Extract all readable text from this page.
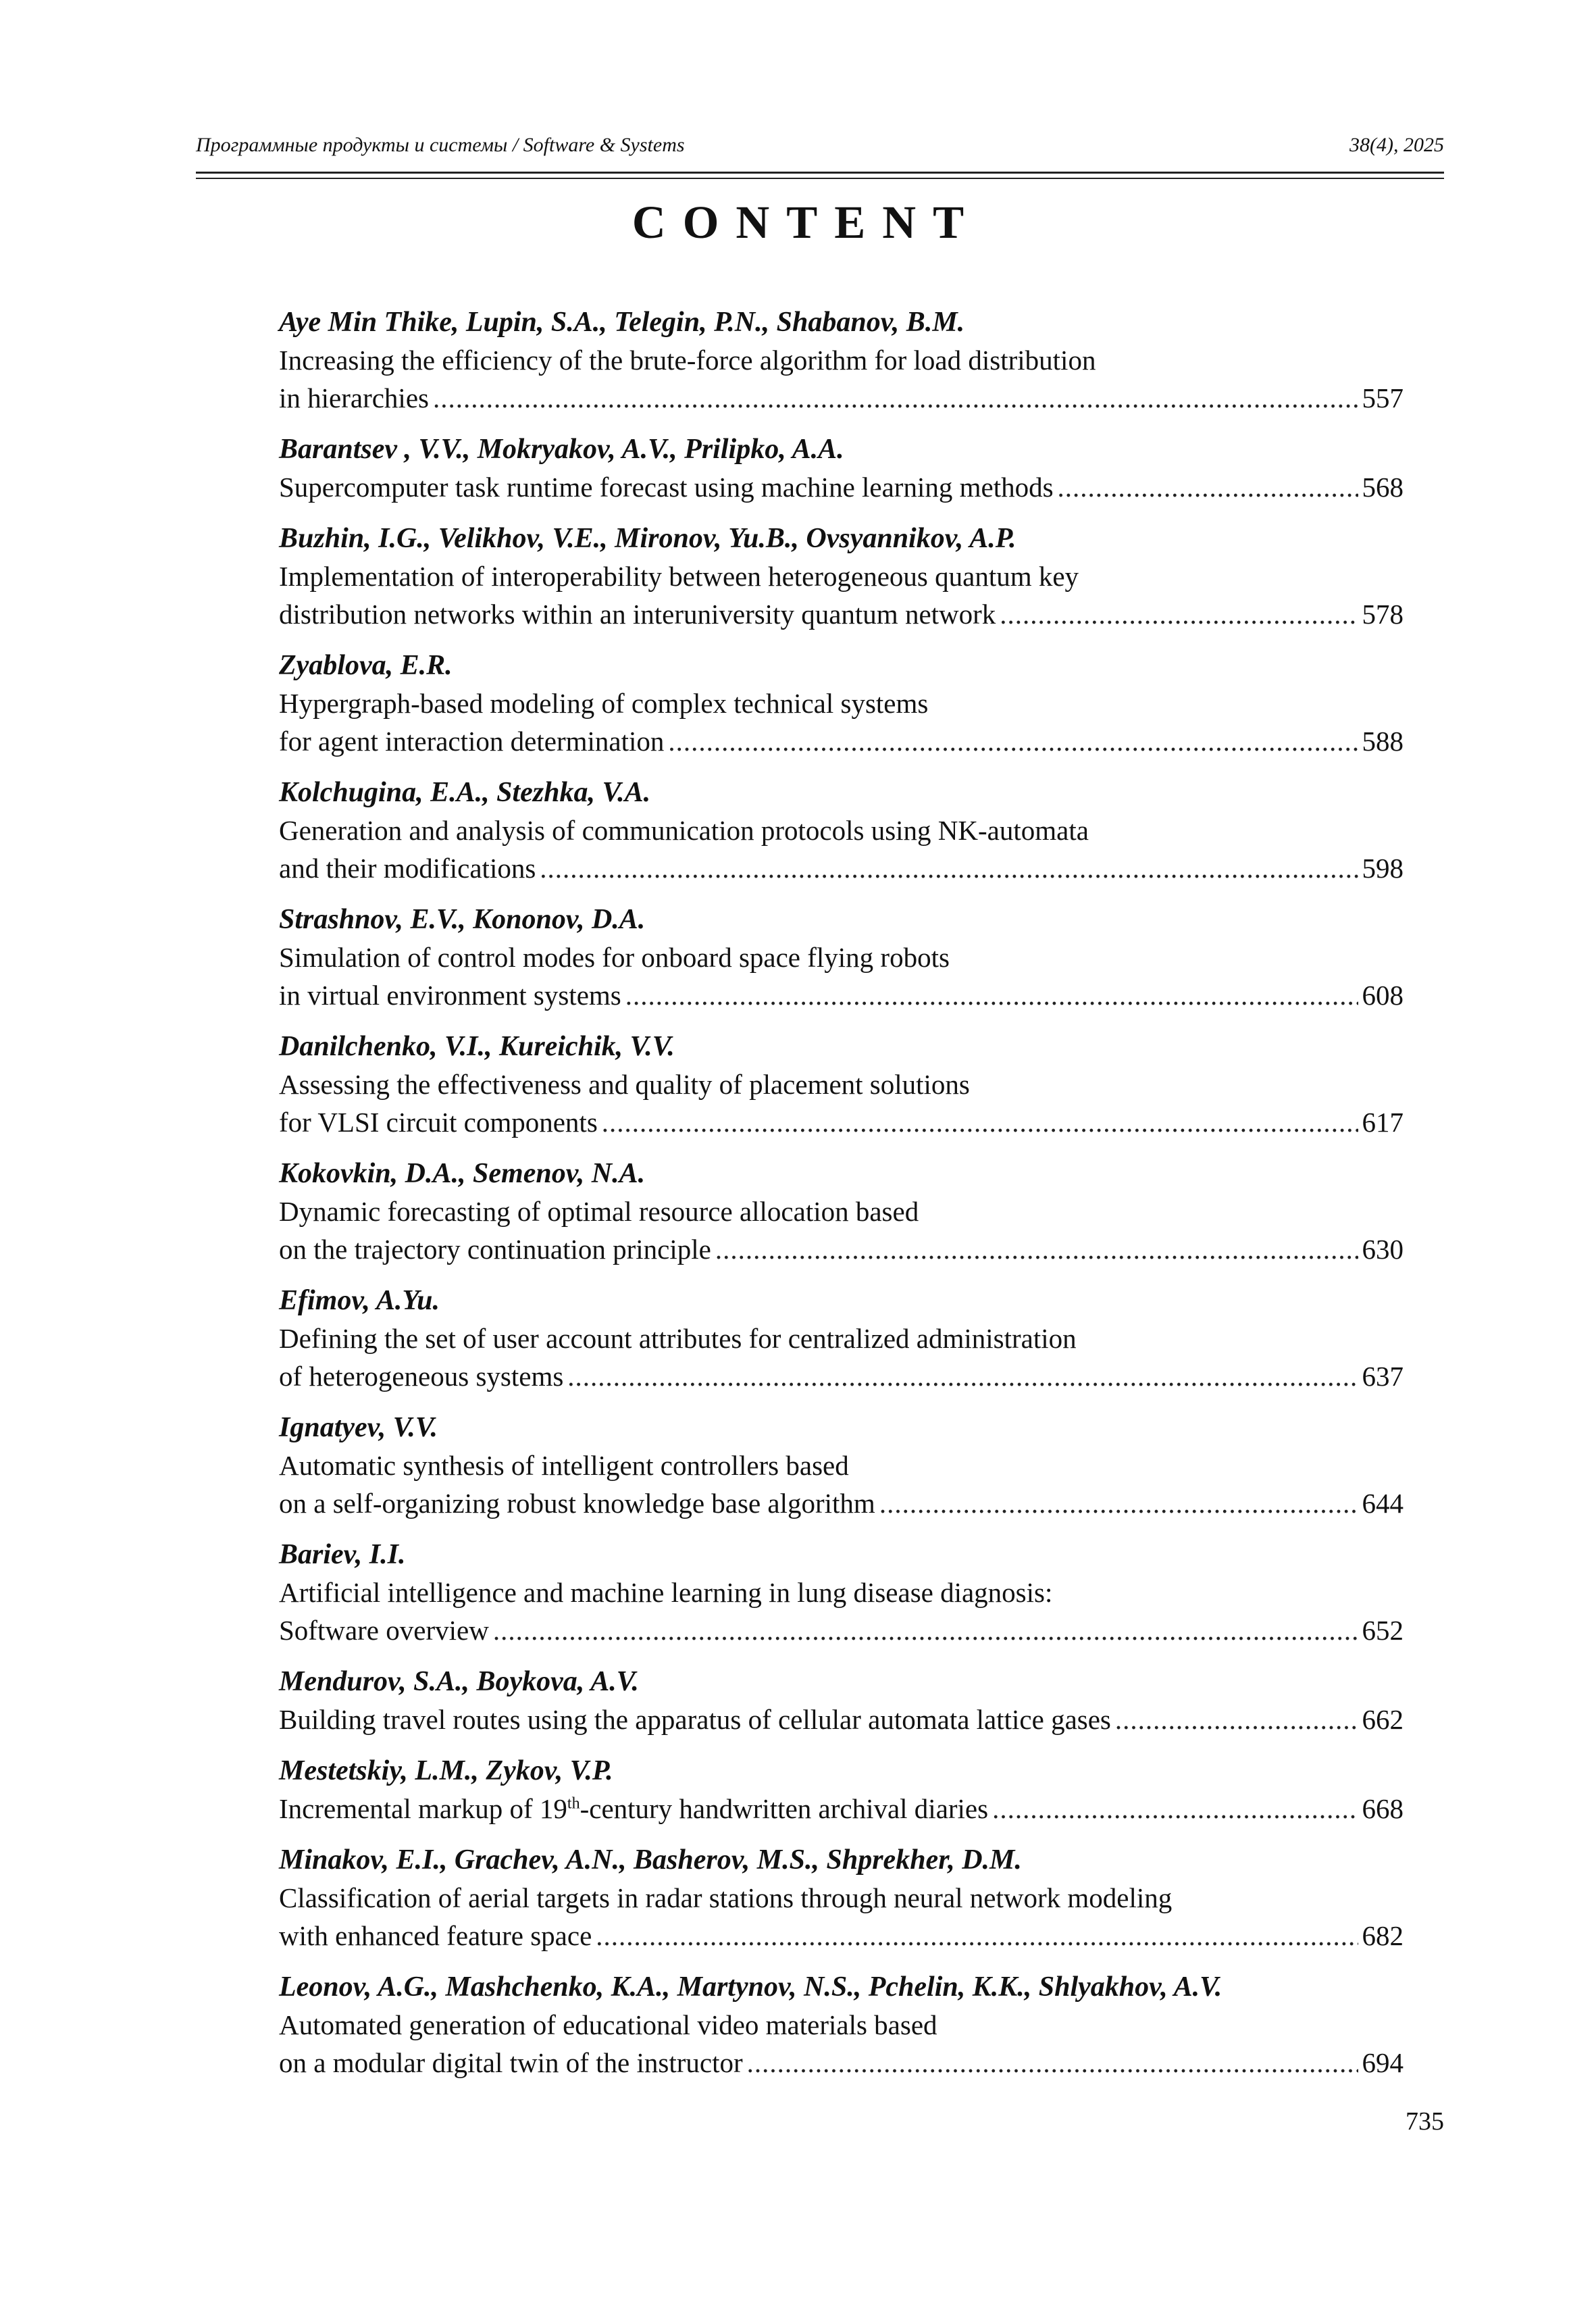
Программные продукты и системы / Software & Systems	38(4), 2025
CONTENT
Aye Min Thike, Lupin, S.A., Telegin, P.N., Shabanov, B.M.
Increasing the efficiency of the brute-force algorithm for load distribution
in hierarchies .....	557
Barantsev , V.V., Mokryakov, A.V., Prilipko, A.A.
Supercomputer task runtime forecast using machine learning methods .....	568
Buzhin, I.G., Velikhov, V.E., Mironov, Yu.B., Ovsyannikov, A.P.
Implementation of interoperability between heterogeneous quantum key
distribution networks within an interuniversity quantum network .....	578
Zyablova, E.R.
Hypergraph-based modeling of complex technical systems
for agent interaction determination .....	588
Kolchugina, E.A., Stezhka, V.A.
Generation and analysis of communication protocols using NK-automata
and their modifications .....	598
Strashnov, E.V., Kononov, D.A.
Simulation of control modes for onboard space flying robots
in virtual environment systems .....	608
Danilchenko, V.I., Kureichik, V.V.
Assessing the effectiveness and quality of placement solutions
for VLSI circuit components .....	617
Kokovkin, D.A., Semenov, N.A.
Dynamic forecasting of optimal resource allocation based
on the trajectory continuation principle .....	630
Efimov, A.Yu.
Defining the set of user account attributes for centralized administration
of heterogeneous systems .....	637
Ignatyev, V.V.
Automatic synthesis of intelligent controllers based
on a self-organizing robust knowledge base algorithm .....	644
Bariev, I.I.
Artificial intelligence and machine learning in lung disease diagnosis:
Software overview .....	652
Mendurov, S.A., Boykova, A.V.
Building travel routes using the apparatus of cellular automata lattice gases .....	662
Mestetskiy, L.M., Zykov, V.P.
Incremental markup of 19th-century handwritten archival diaries .....	668
Minakov, E.I., Grachev, A.N., Basherov, M.S., Shprekher, D.M.
Classification of aerial targets in radar stations through neural network modeling
with enhanced feature space .....	682
Leonov, A.G., Mashchenko, K.A., Martynov, N.S., Pchelin, K.K., Shlyakhov, A.V.
Automated generation of educational video materials based
on a modular digital twin of the instructor .....	694
735
